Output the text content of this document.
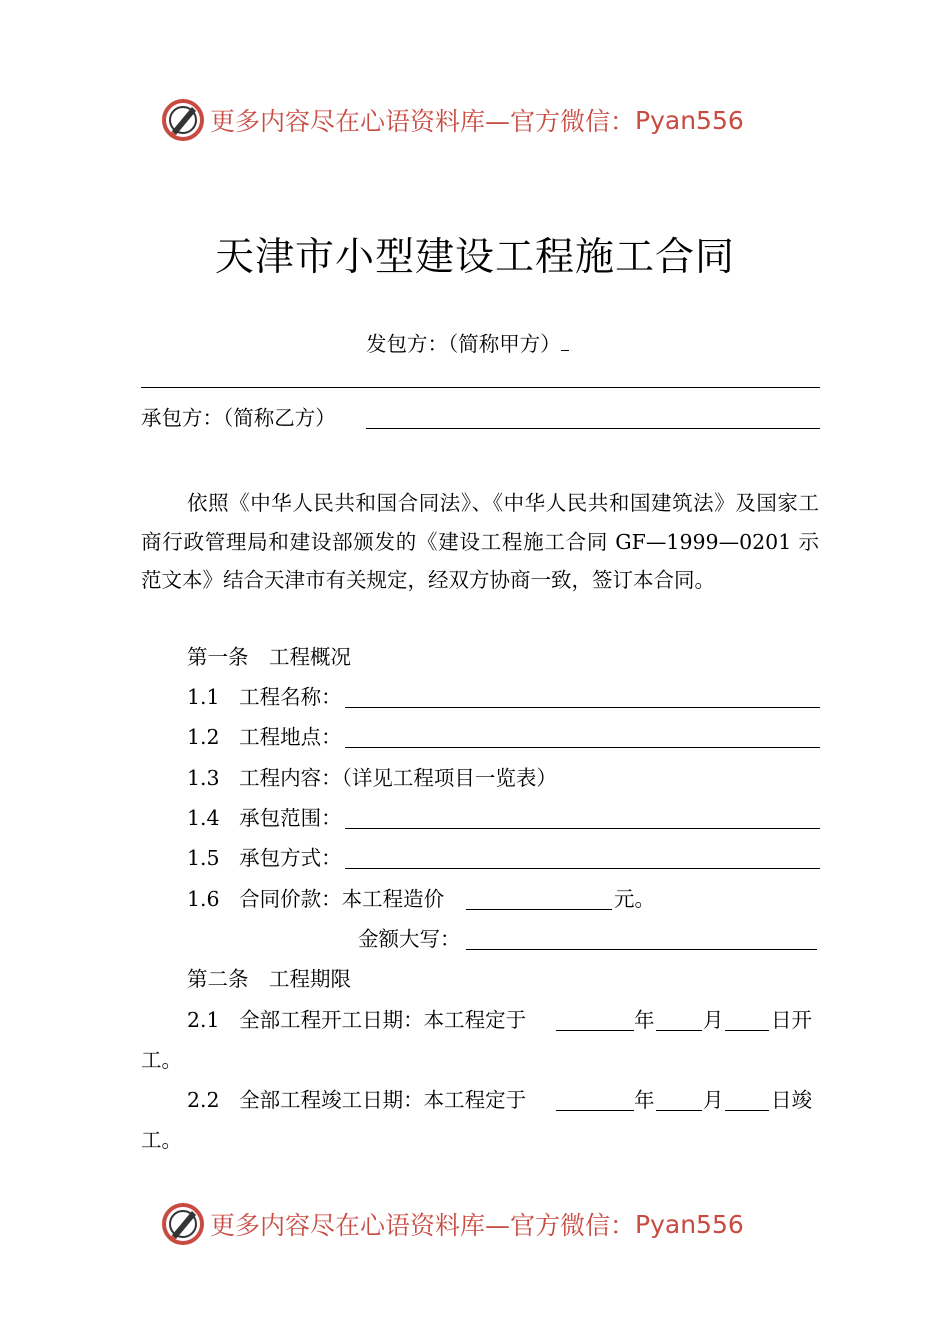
更多内容尽在心语资料库—官方微信： Pyan556
天津市小型建设工程施工合同
发包方：（简称甲方）
承包方：（简称乙方）
依照《中华人民共和国合同法》、《中华人民共和国建筑法》及国家工商行政管理局和建设部颁发的《建设工程施工合同 GF—1999—0201 示范文本》结合天津市有关规定，经双方协商一致，签订本合同。
第一条　工程概况
1.1 工程名称：
1.2 工程地点：
1.3 工程内容：（详见工程项目一览表）
1.4 承包范围：
1.5 承包方式：
1.6 合同价款：本工程造价	元。
金额大写：
第二条　工程期限
2.1 全部工程开工日期：本工程定于	年 月 日开
工。
2.2 全部工程竣工日期：本工程定于	年 月 日竣
工。
更多内容尽在心语资料库—官方微信： Pyan556
